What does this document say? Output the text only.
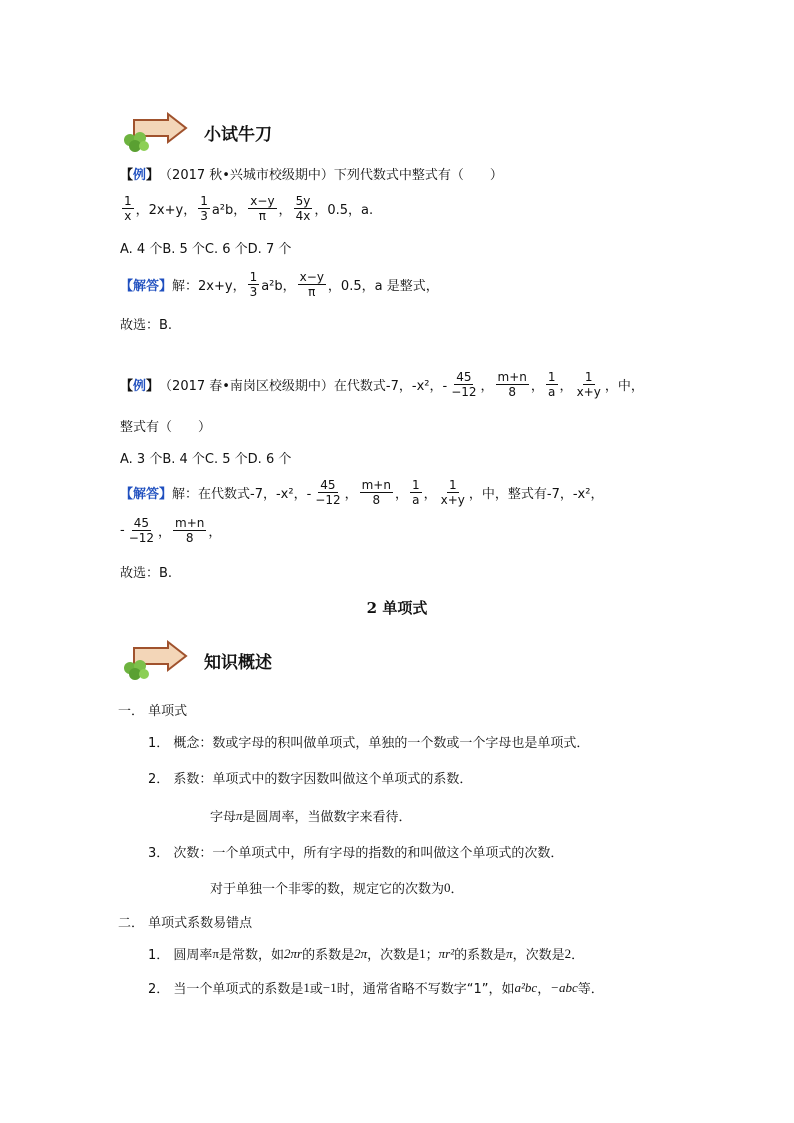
小试牛刀
【 例 】 （2017 秋•兴城市校级期中）下列代数式中整式有（　　）
$\frac{1}{x}$ ，2x+y， $\frac{1}{3} a^2b$， $\frac{x-y}{\pi}$ ， $\frac{5y}{4x}$ ，0.5，a.
A. 4 个B. 5 个C. 6 个D. 7 个
【解答】 解：2x+y， $\frac{1}{3} a^2b$， $\frac{x-y}{\pi}$ ，0.5，a 是整式，
故选：B.
【 例 】 （2017 春•南岗区校级期中）在代数式-7，-x²，- $\frac{45}{-12}$ ， $\frac{m+n}{8}$ ， $\frac{1}{a}$ ， $\frac{1}{x+y}$ ，中，
整式有（　　）
A. 3 个B. 4 个C. 5 个D. 6 个
【解答】 解：在代数式-7，-x²，- $\frac{45}{-12}$ ， $\frac{m+n}{8}$ ， $\frac{1}{a}$ ， $\frac{1}{x+y}$ ，中，整式有-7，-x²，
- $\frac{45}{-12}$ ， $\frac{m+n}{8}$ ，
故选：B.
2 单项式
知识概述
一． 单项式
1． 概念：数或字母的积叫做单项式，单独的一个数或一个字母也是单项式．
2． 系数：单项式中的数字因数叫做这个单项式的系数．
字母 π 是圆周率，当做数字来看待．
3． 次数：一个单项式中，所有字母的指数的和叫做这个单项式的次数．
对于单独一个非零的数，规定它的次数为 0 ．
二． 单项式系数易错点
1． 圆周率 π 是常数，如 2πr 的系数是 2π ，次数是 1 ； πr² 的系数是 π ，次数是 2 ．
2． 当一个单项式的系数是 1 或 −1 时，通常省略不写数字“1”，如 a²bc ， −abc 等．
